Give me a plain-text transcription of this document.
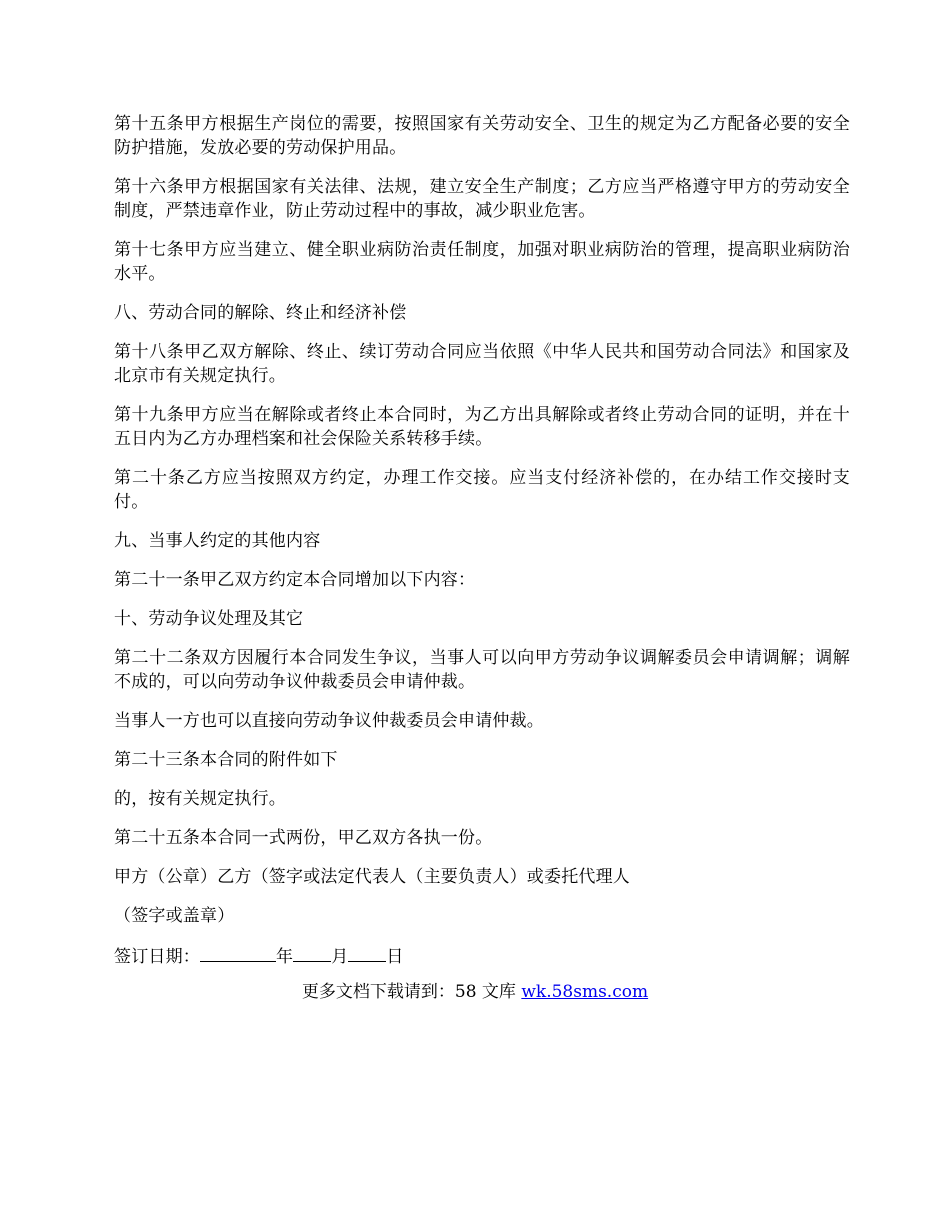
第十五条甲方根据生产岗位的需要，按照国家有关劳动安全、卫生的规定为乙方配备必要的安全防护措施，发放必要的劳动保护用品。

第十六条甲方根据国家有关法律、法规，建立安全生产制度；乙方应当严格遵守甲方的劳动安全制度，严禁违章作业，防止劳动过程中的事故，减少职业危害。

第十七条甲方应当建立、健全职业病防治责任制度，加强对职业病防治的管理，提高职业病防治水平。

八、劳动合同的解除、终止和经济补偿

第十八条甲乙双方解除、终止、续订劳动合同应当依照《中华人民共和国劳动合同法》和国家及北京市有关规定执行。

第十九条甲方应当在解除或者终止本合同时，为乙方出具解除或者终止劳动合同的证明，并在十五日内为乙方办理档案和社会保险关系转移手续。

第二十条乙方应当按照双方约定，办理工作交接。应当支付经济补偿的，在办结工作交接时支付。

九、当事人约定的其他内容

第二十一条甲乙双方约定本合同增加以下内容：

十、劳动争议处理及其它

第二十二条双方因履行本合同发生争议，当事人可以向甲方劳动争议调解委员会申请调解；调解不成的，可以向劳动争议仲裁委员会申请仲裁。

当事人一方也可以直接向劳动争议仲裁委员会申请仲裁。

第二十三条本合同的附件如下

的，按有关规定执行。

第二十五条本合同一式两份，甲乙双方各执一份。

甲方（公章）乙方（签字或法定代表人（主要负责人）或委托代理人

（签字或盖章）

签订日期：	年 月 日

更多文档下载请到：58 文库 wk.58sms.com
